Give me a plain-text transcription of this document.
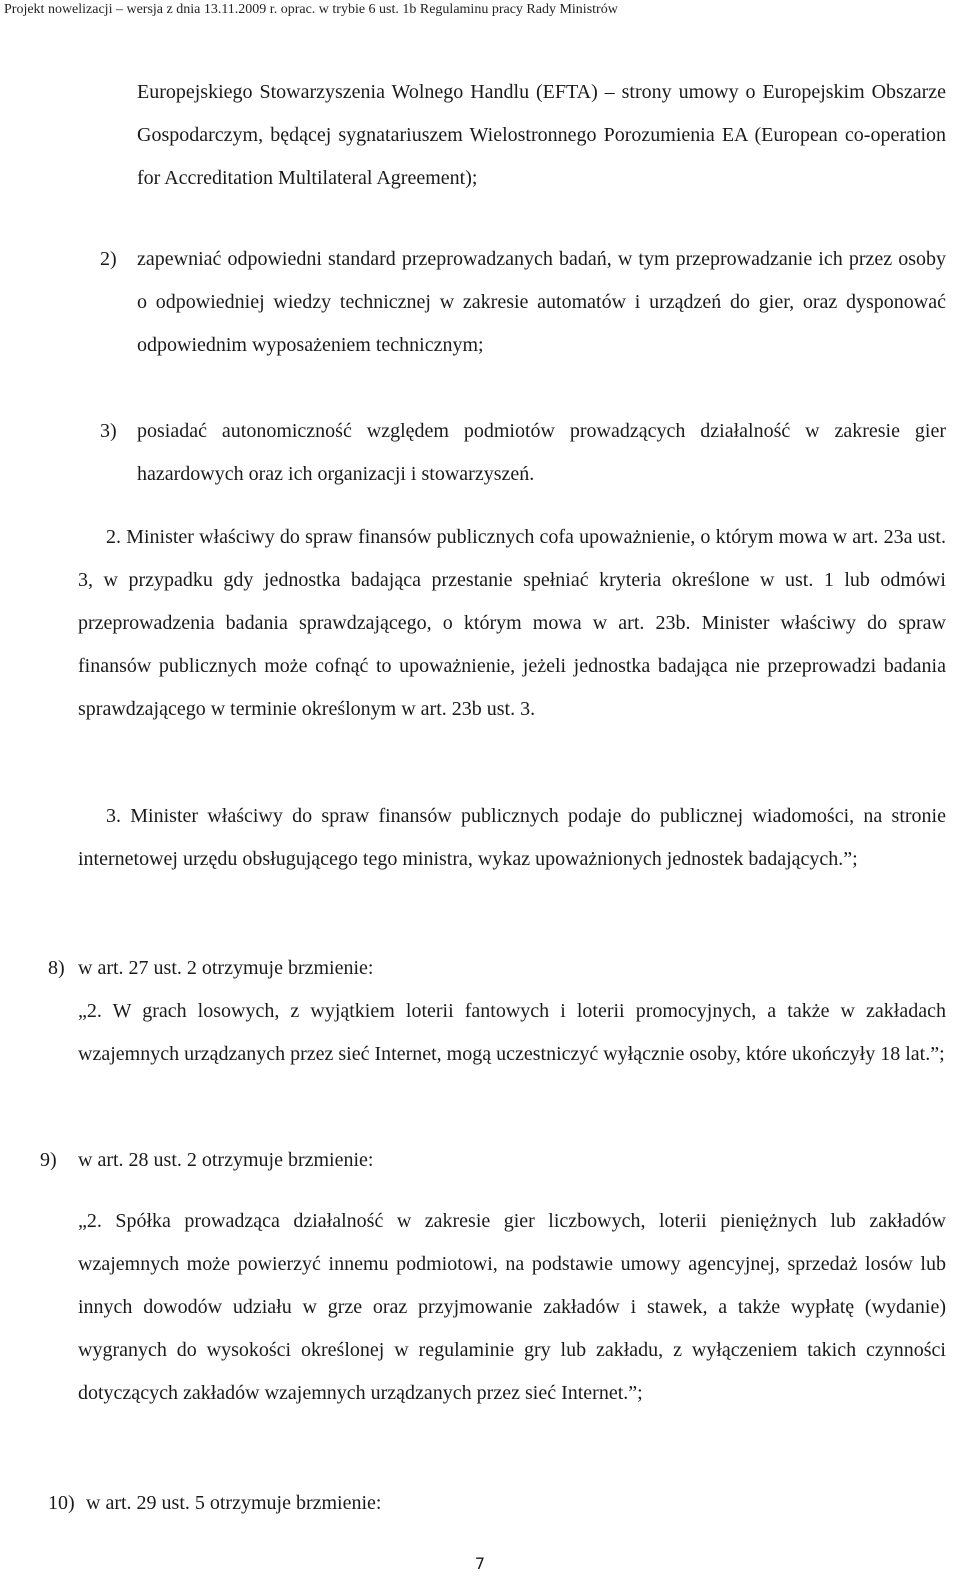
Projekt nowelizacji – wersja z dnia 13.11.2009 r. oprac. w trybie 6 ust. 1b Regulaminu pracy Rady Ministrów

Europejskiego Stowarzyszenia Wolnego Handlu (EFTA) – strony umowy o Europejskim Obszarze Gospodarczym, będącej sygnatariuszem Wielostronnego Porozumienia EA (European co-operation for Accreditation Multilateral Agreement);

2) zapewniać odpowiedni standard przeprowadzanych badań, w tym przeprowadzanie ich przez osoby o odpowiedniej wiedzy technicznej w zakresie automatów i urządzeń do gier, oraz dysponować odpowiednim wyposażeniem technicznym;

3) posiadać autonomiczność względem podmiotów prowadzących działalność w zakresie gier hazardowych oraz ich organizacji i stowarzyszeń.

2. Minister właściwy do spraw finansów publicznych cofa upoważnienie, o którym mowa w art. 23a ust. 3, w przypadku gdy jednostka badająca przestanie spełniać kryteria określone w ust. 1 lub odmówi przeprowadzenia badania sprawdzającego, o którym mowa w art. 23b. Minister właściwy do spraw finansów publicznych może cofnąć to upoważnienie, jeżeli jednostka badająca nie przeprowadzi badania sprawdzającego w terminie określonym w art. 23b ust. 3.

3. Minister właściwy do spraw finansów publicznych podaje do publicznej wiadomości, na stronie internetowej urzędu obsługującego tego ministra, wykaz upoważnionych jednostek badających.”;

8) w art. 27 ust. 2 otrzymuje brzmienie:

„2. W grach losowych, z wyjątkiem loterii fantowych i loterii promocyjnych, a także w zakładach wzajemnych urządzanych przez sieć Internet, mogą uczestniczyć wyłącznie osoby, które ukończyły 18 lat.”;

9) w art. 28 ust. 2 otrzymuje brzmienie:

„2. Spółka prowadząca działalność w zakresie gier liczbowych, loterii pieniężnych lub zakładów wzajemnych może powierzyć innemu podmiotowi, na podstawie umowy agencyjnej, sprzedaż losów lub innych dowodów udziału w grze oraz przyjmowanie zakładów i stawek, a także wypłatę (wydanie) wygranych do wysokości określonej w regulaminie gry lub zakładu, z wyłączeniem takich czynności dotyczących zakładów wzajemnych urządzanych przez sieć Internet.”;

10) w art. 29 ust. 5 otrzymuje brzmienie:
7
